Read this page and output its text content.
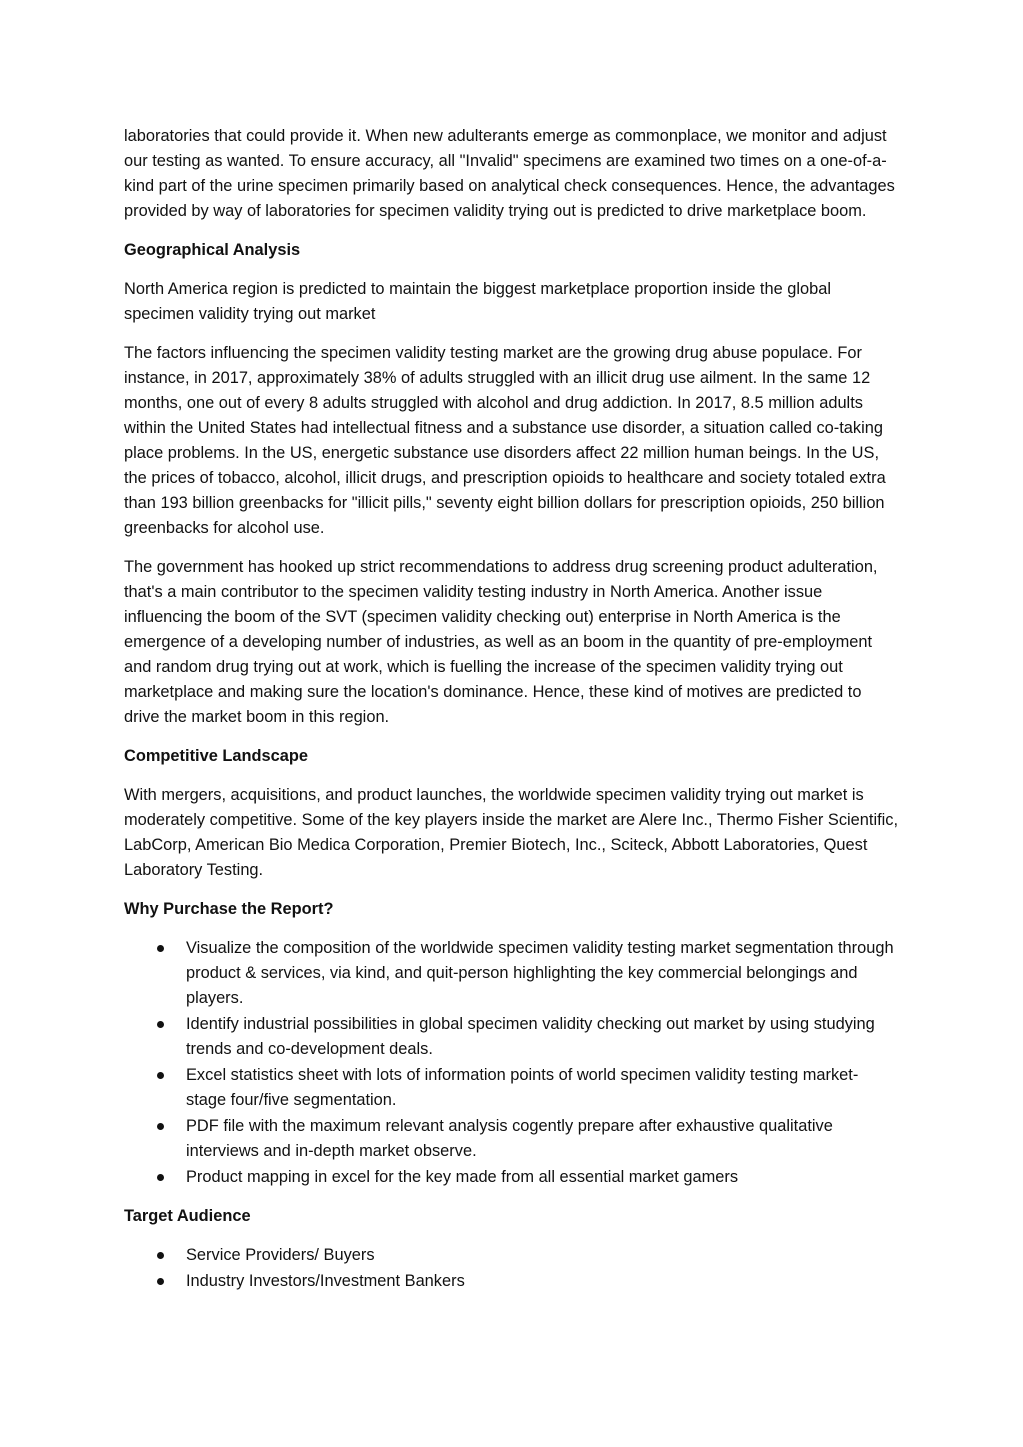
laboratories that could provide it. When new adulterants emerge as commonplace, we monitor and adjust our testing as wanted. To ensure accuracy, all "Invalid" specimens are examined two times on a one-of-a-kind part of the urine specimen primarily based on analytical check consequences. Hence, the advantages provided by way of laboratories for specimen validity trying out is predicted to drive marketplace boom.

Geographical Analysis

North America region is predicted to maintain the biggest marketplace proportion inside the global specimen validity trying out market

The factors influencing the specimen validity testing market are the growing drug abuse populace. For instance, in 2017, approximately 38% of adults struggled with an illicit drug use ailment. In the same 12 months, one out of every 8 adults struggled with alcohol and drug addiction. In 2017, 8.5 million adults within the United States had intellectual fitness and a substance use disorder, a situation called co-taking place problems. In the US, energetic substance use disorders affect 22 million human beings. In the US, the prices of tobacco, alcohol, illicit drugs, and prescription opioids to healthcare and society totaled extra than 193 billion greenbacks for "illicit pills," seventy eight billion dollars for prescription opioids, 250 billion greenbacks for alcohol use.

The government has hooked up strict recommendations to address drug screening product adulteration, that's a main contributor to the specimen validity testing industry in North America. Another issue influencing the boom of the SVT (specimen validity checking out) enterprise in North America is the emergence of a developing number of industries, as well as an boom in the quantity of pre-employment and random drug trying out at work, which is fuelling the increase of the specimen validity trying out marketplace and making sure the location's dominance. Hence, these kind of motives are predicted to drive the market boom in this region.

Competitive Landscape

With mergers, acquisitions, and product launches, the worldwide specimen validity trying out market is moderately competitive. Some of the key players inside the market are Alere Inc., Thermo Fisher Scientific, LabCorp, American Bio Medica Corporation, Premier Biotech, Inc., Sciteck, Abbott Laboratories, Quest Laboratory Testing.

Why Purchase the Report?

Visualize the composition of the worldwide specimen validity testing market segmentation through product & services, via kind, and quit-person highlighting the key commercial belongings and players.
Identify industrial possibilities in global specimen validity checking out market by using studying trends and co-development deals.
Excel statistics sheet with lots of information points of world specimen validity testing market- stage four/five segmentation.
PDF file with the maximum relevant analysis cogently prepare after exhaustive qualitative interviews and in-depth market observe.
Product mapping in excel for the key made from all essential market gamers

Target Audience

Service Providers/ Buyers
Industry Investors/Investment Bankers
